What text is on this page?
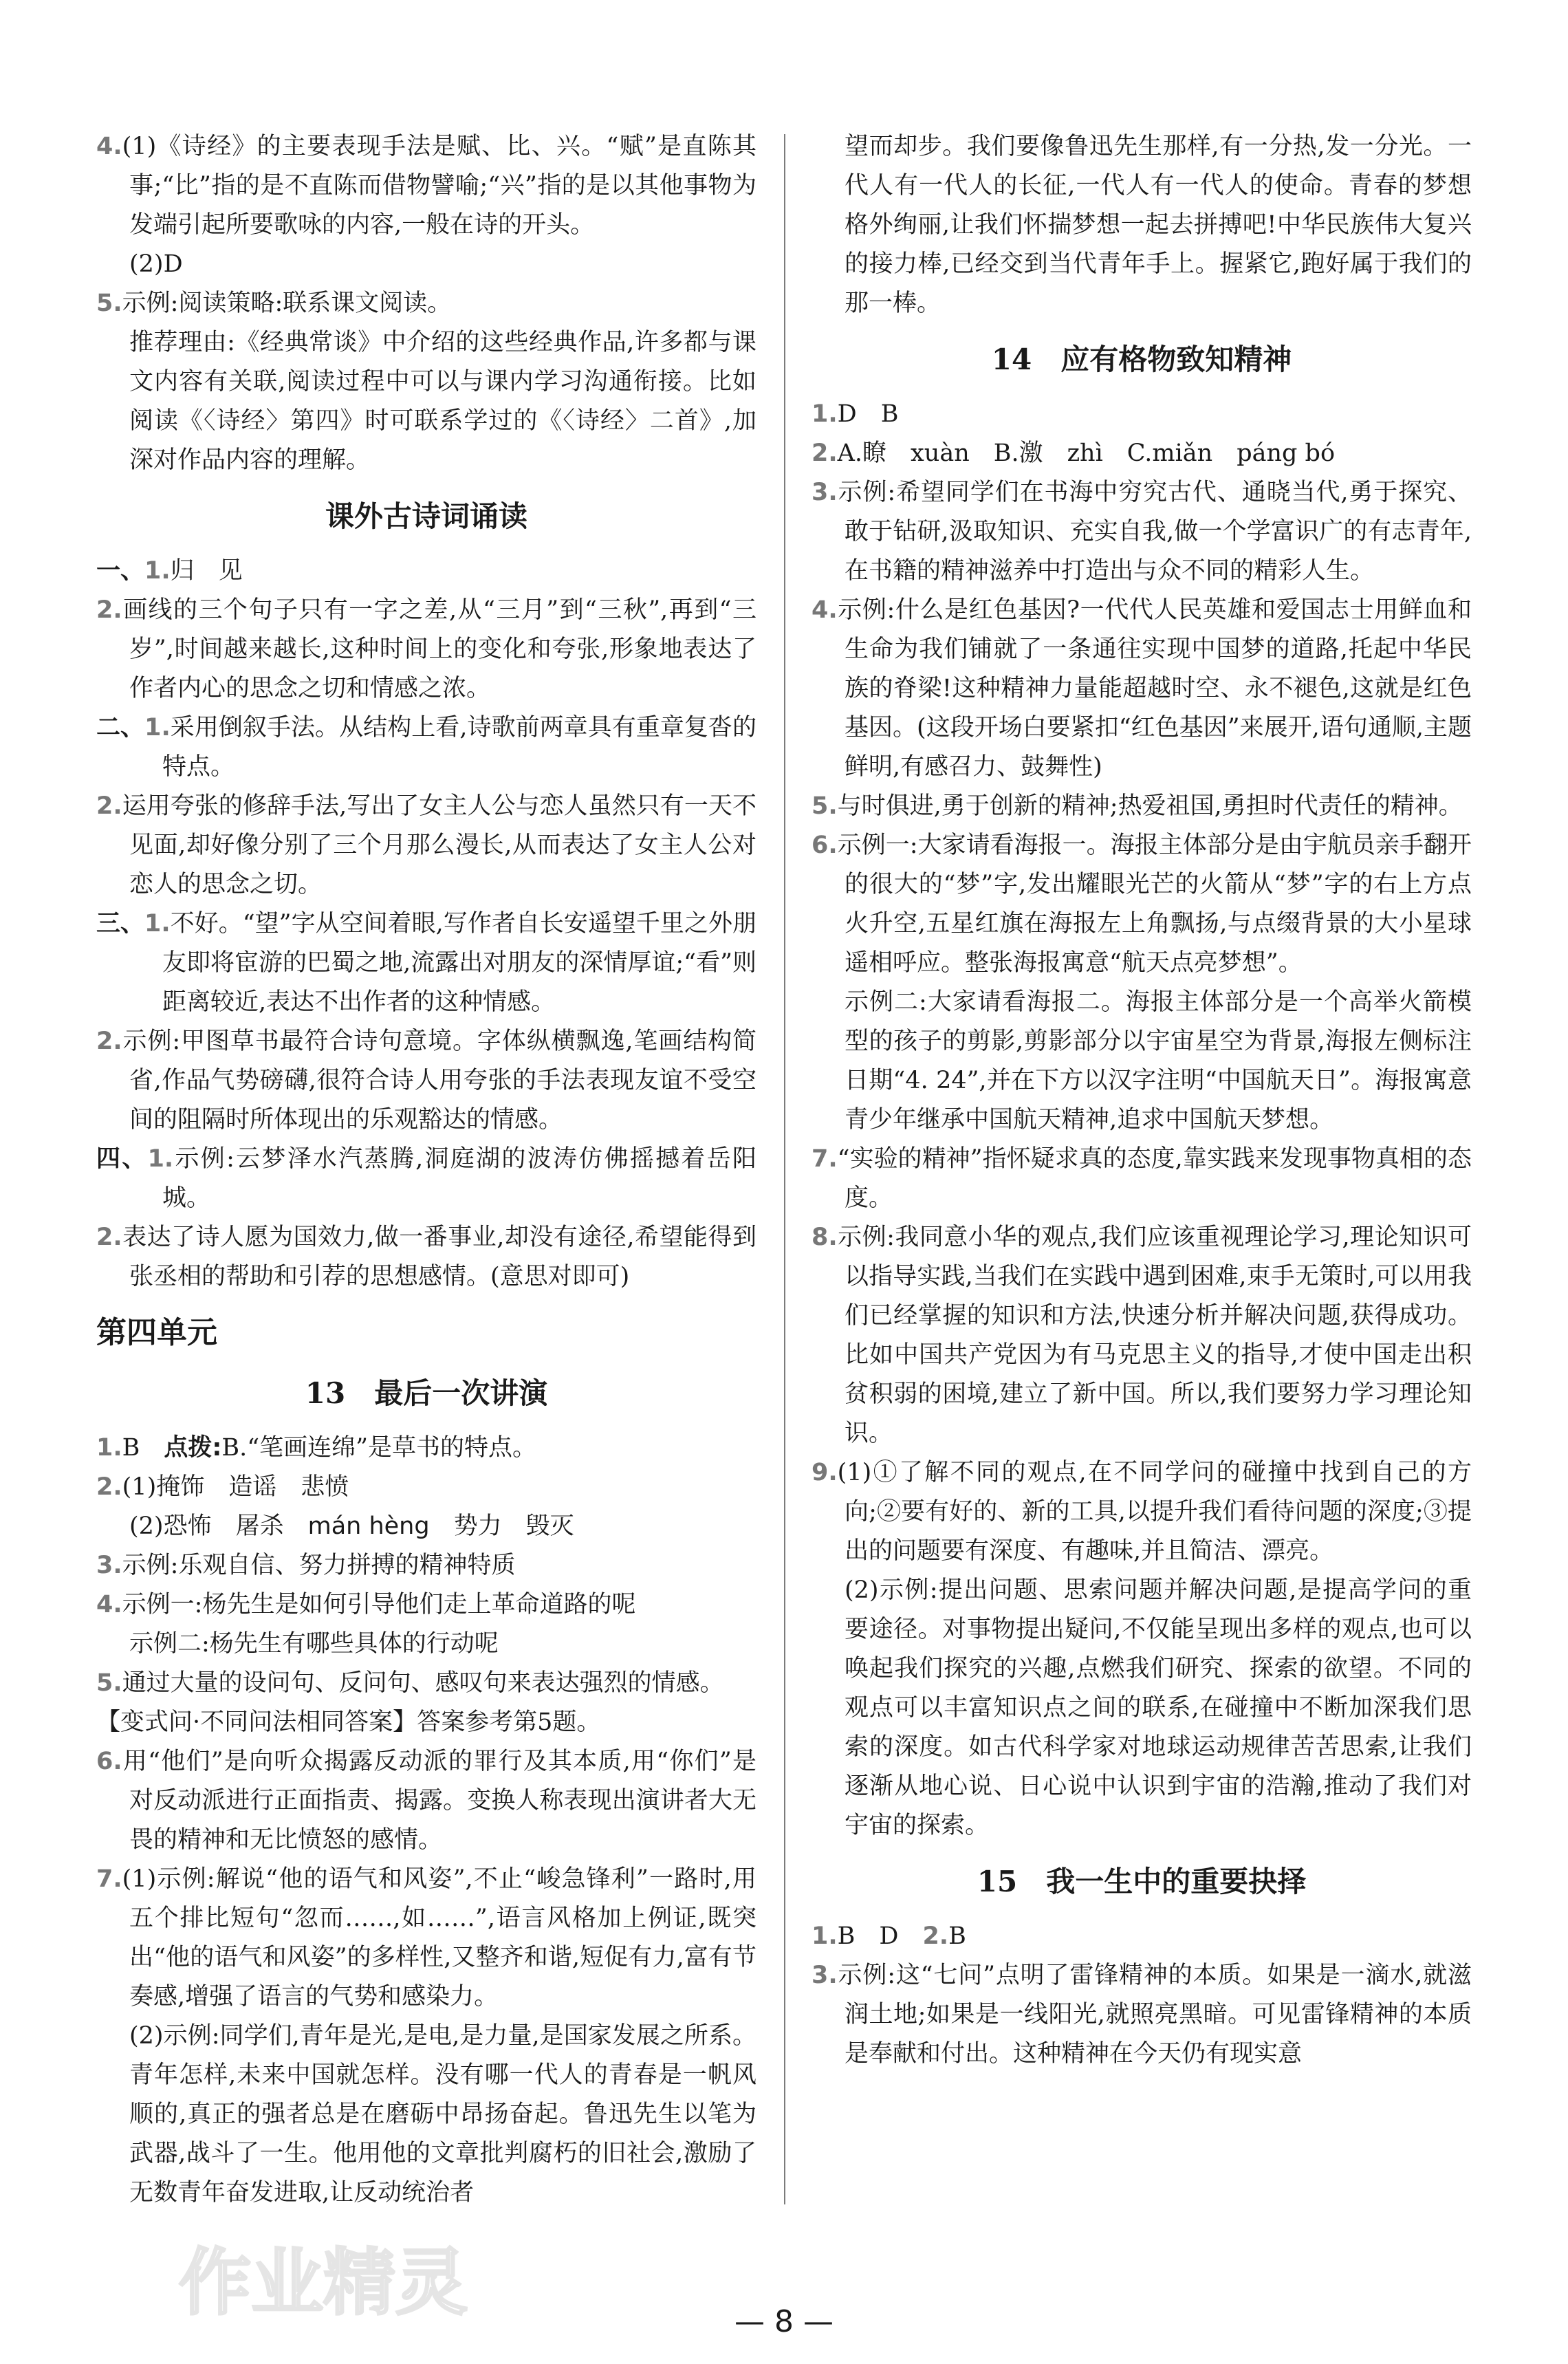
4.(1)《诗经》的主要表现手法是赋、比、兴。“赋”是直陈其事;“比”指的是不直陈而借物譬喻;“兴”指的是以其他事物为发端引起所要歌咏的内容,一般在诗的开头。

(2)D

5.示例:阅读策略:联系课文阅读。

推荐理由:《经典常谈》中介绍的这些经典作品,许多都与课文内容有关联,阅读过程中可以与课内学习沟通衔接。比如阅读《〈诗经〉第四》时可联系学过的《〈诗经〉二首》,加深对作品内容的理解。

课外古诗词诵读

一、1.归　见

2.画线的三个句子只有一字之差,从“三月”到“三秋”,再到“三岁”,时间越来越长,这种时间上的变化和夸张,形象地表达了作者内心的思念之切和情感之浓。

二、1.采用倒叙手法。从结构上看,诗歌前两章具有重章复沓的特点。

2.运用夸张的修辞手法,写出了女主人公与恋人虽然只有一天不见面,却好像分别了三个月那么漫长,从而表达了女主人公对恋人的思念之切。

三、1.不好。“望”字从空间着眼,写作者自长安遥望千里之外朋友即将宦游的巴蜀之地,流露出对朋友的深情厚谊;“看”则距离较近,表达不出作者的这种情感。

2.示例:甲图草书最符合诗句意境。字体纵横飘逸,笔画结构简省,作品气势磅礴,很符合诗人用夸张的手法表现友谊不受空间的阻隔时所体现出的乐观豁达的情感。

四、1.示例:云梦泽水汽蒸腾,洞庭湖的波涛仿佛摇撼着岳阳城。

2.表达了诗人愿为国效力,做一番事业,却没有途径,希望能得到张丞相的帮助和引荐的思想感情。(意思对即可)

第四单元
13　最后一次讲演

1.B　点拨:B.“笔画连绵”是草书的特点。

2.(1)掩饰　造谣　悲愤

(2)恐怖　屠杀　mán hèng　势力　毁灭

3.示例:乐观自信、努力拼搏的精神特质

4.示例一:杨先生是如何引导他们走上革命道路的呢

示例二:杨先生有哪些具体的行动呢

5.通过大量的设问句、反问句、感叹句来表达强烈的情感。

【变式问·不同问法相同答案】答案参考第5题。

6.用“他们”是向听众揭露反动派的罪行及其本质,用“你们”是对反动派进行正面指责、揭露。变换人称表现出演讲者大无畏的精神和无比愤怒的感情。

7.(1)示例:解说“他的语气和风姿”,不止“峻急锋利”一路时,用五个排比短句“忽而……,如……”,语言风格加上例证,既突出“他的语气和风姿”的多样性,又整齐和谐,短促有力,富有节奏感,增强了语言的气势和感染力。

(2)示例:同学们,青年是光,是电,是力量,是国家发展之所系。青年怎样,未来中国就怎样。没有哪一代人的青春是一帆风顺的,真正的强者总是在磨砺中昂扬奋起。鲁迅先生以笔为武器,战斗了一生。他用他的文章批判腐朽的旧社会,激励了无数青年奋发进取,让反动统治者

望而却步。我们要像鲁迅先生那样,有一分热,发一分光。一代人有一代人的长征,一代人有一代人的使命。青春的梦想格外绚丽,让我们怀揣梦想一起去拼搏吧!中华民族伟大复兴的接力棒,已经交到当代青年手上。握紧它,跑好属于我们的那一棒。

14　应有格物致知精神

1.D　B

2.A.瞭　xuàn　B.激　zhì　C.miǎn　páng bó

3.示例:希望同学们在书海中穷究古代、通晓当代,勇于探究、敢于钻研,汲取知识、充实自我,做一个学富识广的有志青年,在书籍的精神滋养中打造出与众不同的精彩人生。

4.示例:什么是红色基因?一代代人民英雄和爱国志士用鲜血和生命为我们铺就了一条通往实现中国梦的道路,托起中华民族的脊梁!这种精神力量能超越时空、永不褪色,这就是红色基因。(这段开场白要紧扣“红色基因”来展开,语句通顺,主题鲜明,有感召力、鼓舞性)

5.与时俱进,勇于创新的精神;热爱祖国,勇担时代责任的精神。

6.示例一:大家请看海报一。海报主体部分是由宇航员亲手翻开的很大的“梦”字,发出耀眼光芒的火箭从“梦”字的右上方点火升空,五星红旗在海报左上角飘扬,与点缀背景的大小星球遥相呼应。整张海报寓意“航天点亮梦想”。

示例二:大家请看海报二。海报主体部分是一个高举火箭模型的孩子的剪影,剪影部分以宇宙星空为背景,海报左侧标注日期“4. 24”,并在下方以汉字注明“中国航天日”。海报寓意青少年继承中国航天精神,追求中国航天梦想。

7.“实验的精神”指怀疑求真的态度,靠实践来发现事物真相的态度。

8.示例:我同意小华的观点,我们应该重视理论学习,理论知识可以指导实践,当我们在实践中遇到困难,束手无策时,可以用我们已经掌握的知识和方法,快速分析并解决问题,获得成功。比如中国共产党因为有马克思主义的指导,才使中国走出积贫积弱的困境,建立了新中国。所以,我们要努力学习理论知识。

9.(1)①了解不同的观点,在不同学问的碰撞中找到自己的方向;②要有好的、新的工具,以提升我们看待问题的深度;③提出的问题要有深度、有趣味,并且简洁、漂亮。

(2)示例:提出问题、思索问题并解决问题,是提高学问的重要途径。对事物提出疑问,不仅能呈现出多样的观点,也可以唤起我们探究的兴趣,点燃我们研究、探索的欲望。不同的观点可以丰富知识点之间的联系,在碰撞中不断加深我们思索的深度。如古代科学家对地球运动规律苦苦思索,让我们逐渐从地心说、日心说中认识到宇宙的浩瀚,推动了我们对宇宙的探索。

15　我一生中的重要抉择

1.B　D　2.B

3.示例:这“七问”点明了雷锋精神的本质。如果是一滴水,就滋润土地;如果是一线阳光,就照亮黑暗。可见雷锋精神的本质是奉献和付出。这种精神在今天仍有现实意

作业精灵	— 8 —
